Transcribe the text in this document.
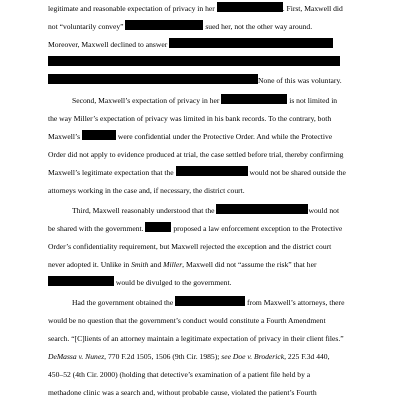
legitimate and reasonable expectation of privacy in her	. First, Maxwell did
not “voluntarily convey”	sued her, not the other way around.
Moreover, Maxwell declined to answer
None of this was voluntary.
Second, Maxwell’s expectation of privacy in her	is not limited in
the way Miller’s expectation of privacy was limited in his bank records. To the contrary, both
Maxwell’s	were confidential under the Protective Order. And while the Protective
Order did not apply to evidence produced at trial, the case settled before trial, thereby confirming
Maxwell’s legitimate expectation that the	would not be shared outside the
attorneys working in the case and, if necessary, the district court.
Third, Maxwell reasonably understood that the	would not
be shared with the government.	proposed a law enforcement exception to the Protective
Order’s confidentiality requirement, but Maxwell rejected the exception and the district court
never adopted it. Unlike in Smith and Miller, Maxwell did not “assume the risk” that her
would be divulged to the government.
Had the government obtained the	from Maxwell’s attorneys, there
would be no question that the government’s conduct would constitute a Fourth Amendment
search. “[C]lients of an attorney maintain a legitimate expectation of privacy in their client files.”
DeMassa v. Nunez, 770 F.2d 1505, 1506 (9th Cir. 1985); see Doe v. Broderick, 225 F.3d 440,
450–52 (4th Cir. 2000) (holding that detective’s examination of a patient file held by a
methadone clinic was a search and, without probable cause, violated the patient’s Fourth
